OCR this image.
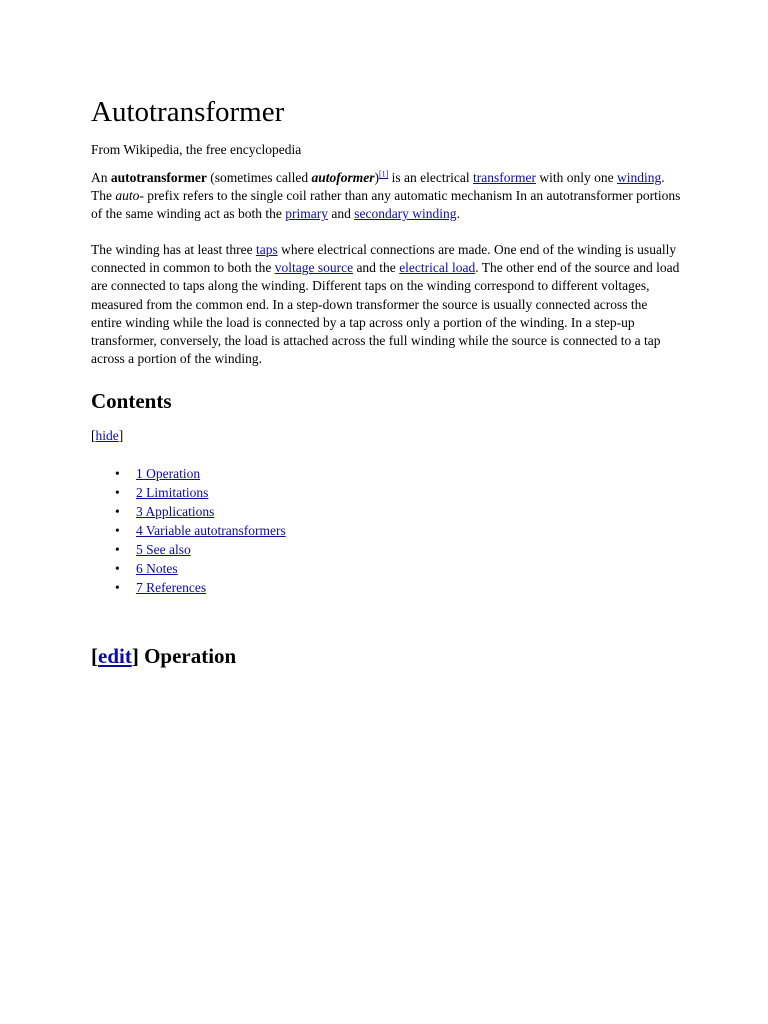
Autotransformer
From Wikipedia, the free encyclopedia

An autotransformer (sometimes called autoformer)[1] is an electrical transformer with only one winding. The auto- prefix refers to the single coil rather than any automatic mechanism In an autotransformer portions of the same winding act as both the primary and secondary winding.

The winding has at least three taps where electrical connections are made. One end of the winding is usually connected in common to both the voltage source and the electrical load. The other end of the source and load are connected to taps along the winding. Different taps on the winding correspond to different voltages, measured from the common end. In a step-down transformer the source is usually connected across the entire winding while the load is connected by a tap across only a portion of the winding. In a step-up transformer, conversely, the load is attached across the full winding while the source is connected to a tap across a portion of the winding.

Contents
[hide]
• 1 Operation
• 2 Limitations
• 3 Applications
• 4 Variable autotransformers
• 5 See also
• 6 Notes
• 7 References
[edit] Operation
